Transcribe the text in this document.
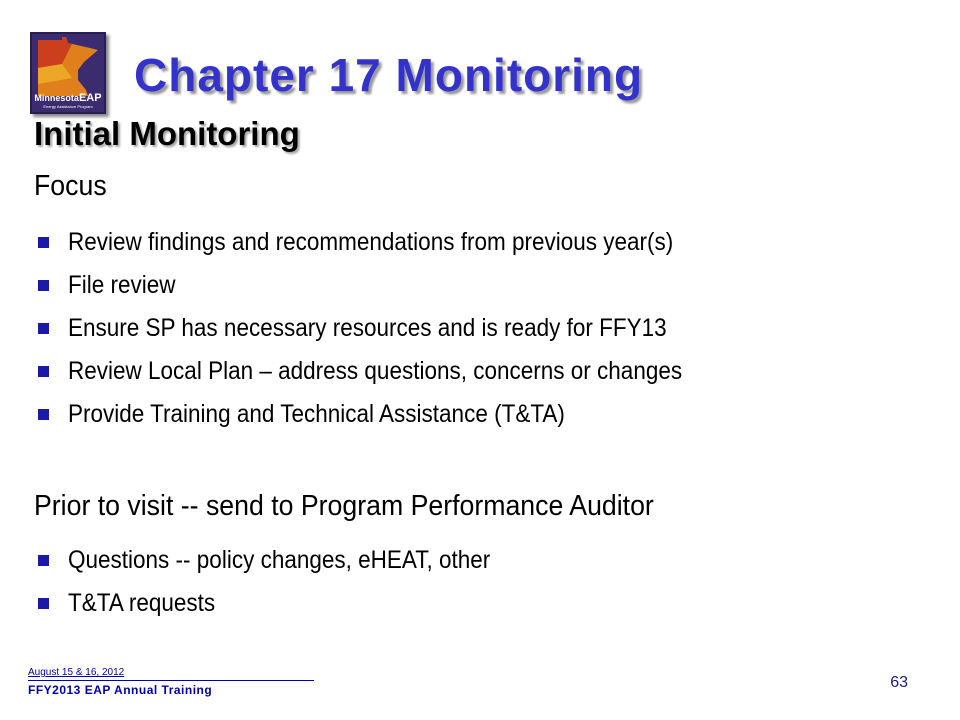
MinnesotaEAP
Energy Assistance Program
Chapter 17 Monitoring
Initial Monitoring
Focus
Review findings and recommendations from previous year(s)
File review
Ensure SP has necessary resources and is ready for FFY13
Review Local Plan – address questions, concerns or changes
Provide Training and Technical Assistance (T&TA)
Prior to visit -- send to Program Performance Auditor
Questions -- policy changes, eHEAT, other
T&TA requests
August 15 & 16, 2012
FFY2013 EAP Annual Training	63
